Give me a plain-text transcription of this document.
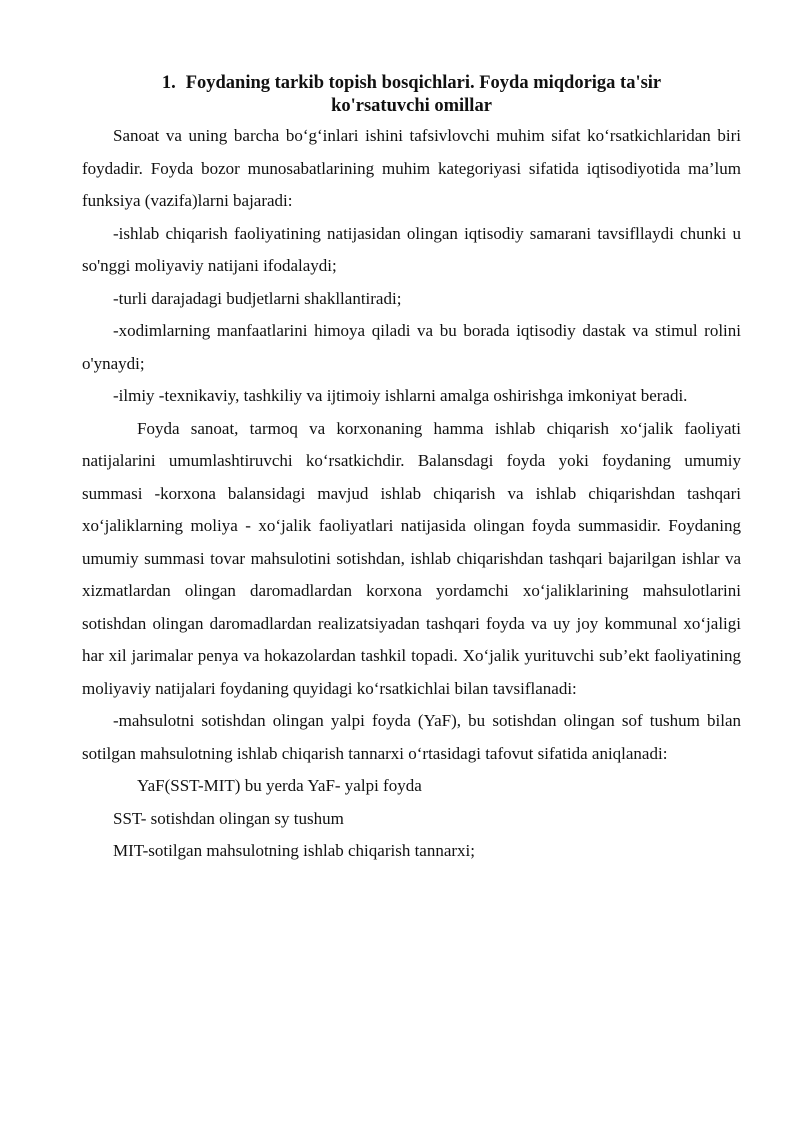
1. Foydaning tarkib topish bosqichlari. Foyda miqdoriga ta'sir
ko'rsatuvchi omillar

Sanoat va uning barcha bo‘g‘inlari ishini tafsivlovchi muhim sifat ko‘rsatkichlaridan biri foydadir. Foyda bozor munosabatlarining muhim kategoriyasi sifatida iqtisodiyotida ma’lum funksiya (vazifa)larni bajaradi:

-ishlab chiqarish faoliyatining natijasidan olingan iqtisodiy samarani tavsifllaydi chunki u so'nggi moliyaviy natijani ifodalaydi;

-turli darajadagi budjetlarni shakllantiradi;

-xodimlarning manfaatlarini himoya qiladi va bu borada iqtisodiy dastak va stimul rolini o'ynaydi;

-ilmiy -texnikaviy, tashkiliy va ijtimoiy ishlarni amalga oshirishga imkoniyat beradi.

Foyda sanoat, tarmoq va korxonaning hamma ishlab chiqarish xo‘jalik faoliyati natijalarini umumlashtiruvchi ko‘rsatkichdir. Balansdagi foyda yoki foydaning umumiy summasi -korxona balansidagi mavjud ishlab chiqarish va ishlab chiqarishdan tashqari xo‘jaliklarning moliya - xo‘jalik faoliyatlari natijasida olingan foyda summasidir. Foydaning umumiy summasi tovar mahsulotini sotishdan, ishlab chiqarishdan tashqari bajarilgan ishlar va xizmatlardan olingan daromadlardan korxona yordamchi xo‘jaliklarining mahsulotlarini sotishdan olingan daromadlardan realizatsiyadan tashqari foyda va uy joy kommunal xo‘jaligi har xil jarimalar penya va hokazolardan tashkil topadi. Xo‘jalik yurituvchi sub’ekt faoliyatining moliyaviy natijalari foydaning quyidagi ko‘rsatkichlai bilan tavsiflanadi:

-mahsulotni sotishdan olingan yalpi foyda (YaF), bu sotishdan olingan sof tushum bilan sotilgan mahsulotning ishlab chiqarish tannarxi o‘rtasidagi tafovut sifatida aniqlanadi:

YaF(SST-MIT) bu yerda YaF- yalpi foyda

SST- sotishdan olingan sy tushum

MIT-sotilgan mahsulotning ishlab chiqarish tannarxi;
